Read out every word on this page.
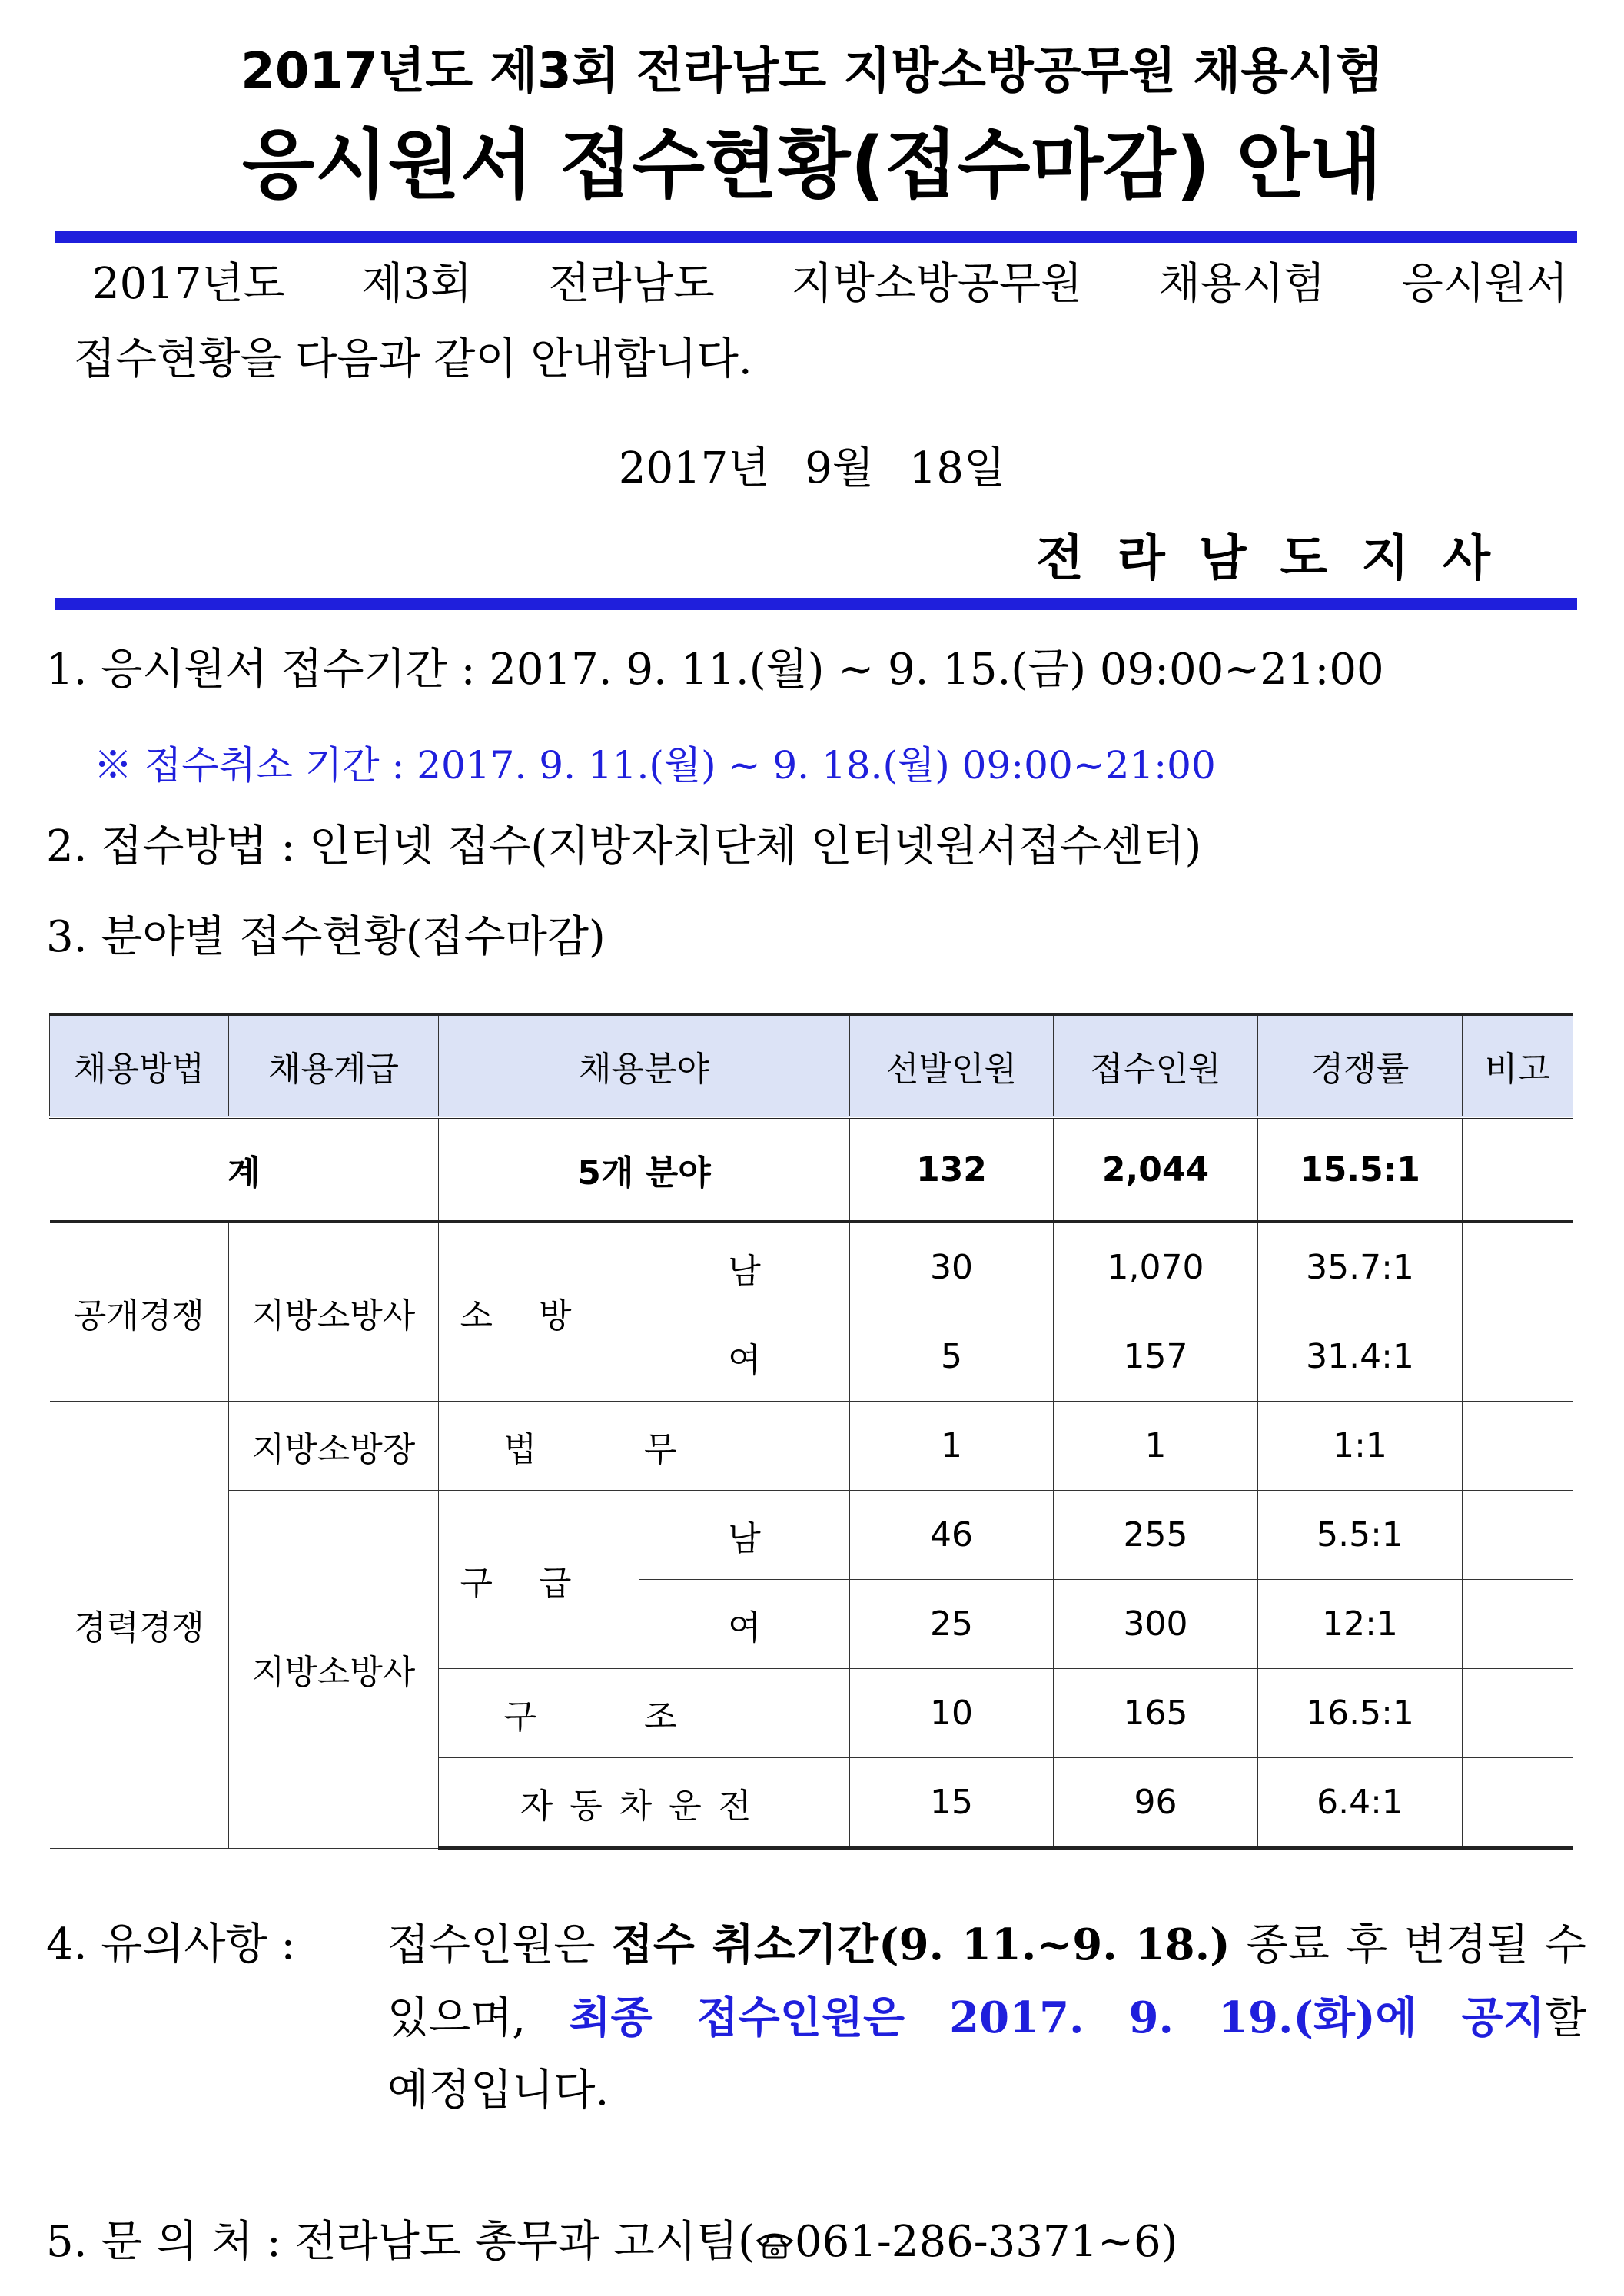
2017년도 제3회 전라남도 지방소방공무원 채용시험
응시원서 접수현황(접수마감) 안내
2017년도 제3회 전라남도 지방소방공무원 채용시험 응시원서
접수현황을 다음과 같이 안내합니다.
2017년 9월 18일
전라남도지사
1. 응시원서 접수기간 : 2017. 9. 11.(월) ~ 9. 15.(금) 09:00~21:00
※ 접수취소 기간 : 2017. 9. 11.(월) ~ 9. 18.(월) 09:00~21:00
2. 접수방법 : 인터넷 접수(지방자치단체 인터넷원서접수센터)
3. 분야별 접수현황(접수마감)
채용방법	채용계급	채용분야		선발인원	접수인원	경쟁률	비고
계		5개 분야		132	2,044	15.5:1	
공개경쟁	지방소방사	소방	남	30	1,070	35.7:1	
			여	5	157	31.4:1	
경력경쟁	지방소방장	법무		1	1	1:1	
	지방소방사	구급	남	46	255	5.5:1	
			여	25	300	12:1	
		구조		10	165	16.5:1	
		자동차운전		15	96	6.4:1	
4. 유의사항 : 접수인원은 접수 취소기간(9. 11.~9. 18.) 종료 후 변경될 수
있으며, 최종 접수인원은 2017. 9. 19.(화)에 공지할
예정입니다.
5. 문 의 처 : 전라남도 총무과 고시팀( 061-286-3371~6)
